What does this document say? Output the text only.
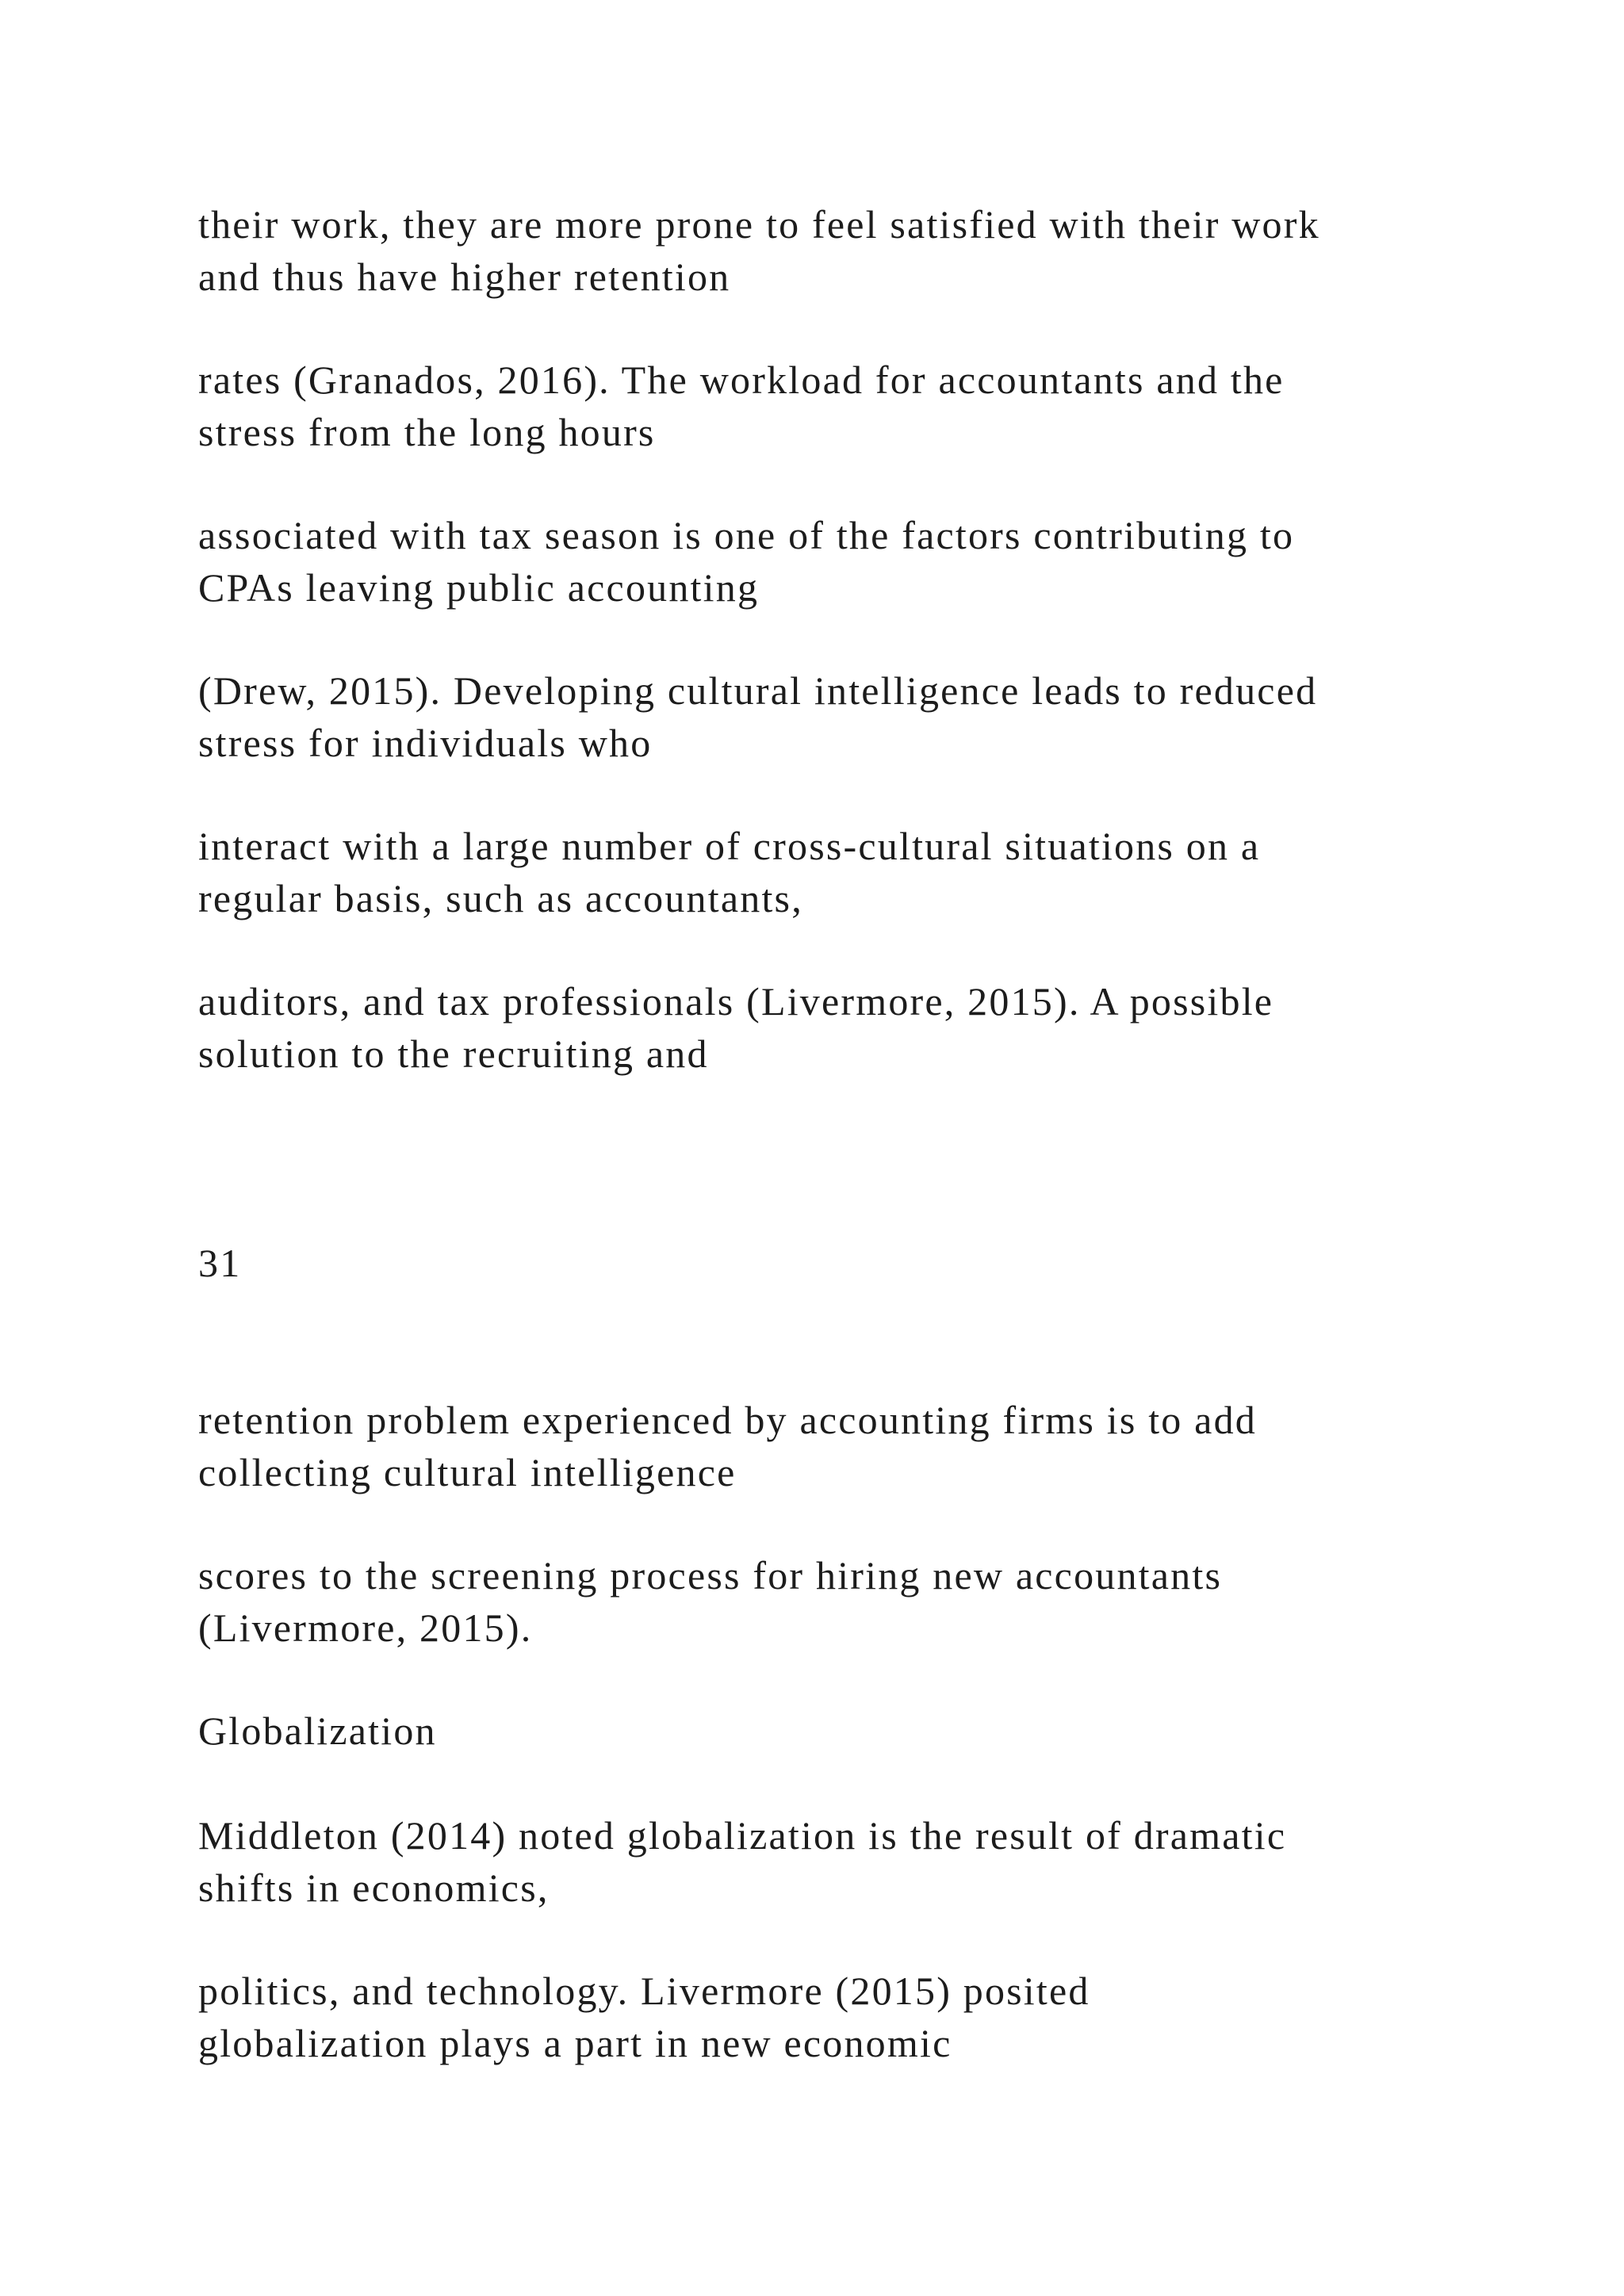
their work, they are more prone to feel satisfied with their work
and thus have higher retention

rates (Granados, 2016). The workload for accountants and the
stress from the long hours

associated with tax season is one of the factors contributing to
CPAs leaving public accounting

(Drew, 2015). Developing cultural intelligence leads to reduced
stress for individuals who

interact with a large number of cross-cultural situations on a
regular basis, such as accountants,

auditors, and tax professionals (Livermore, 2015). A possible
solution to the recruiting and

31

retention problem experienced by accounting firms is to add
collecting cultural intelligence

scores to the screening process for hiring new accountants
(Livermore, 2015).

Globalization

Middleton (2014) noted globalization is the result of dramatic
shifts in economics,

politics, and technology. Livermore (2015) posited
globalization plays a part in new economic
